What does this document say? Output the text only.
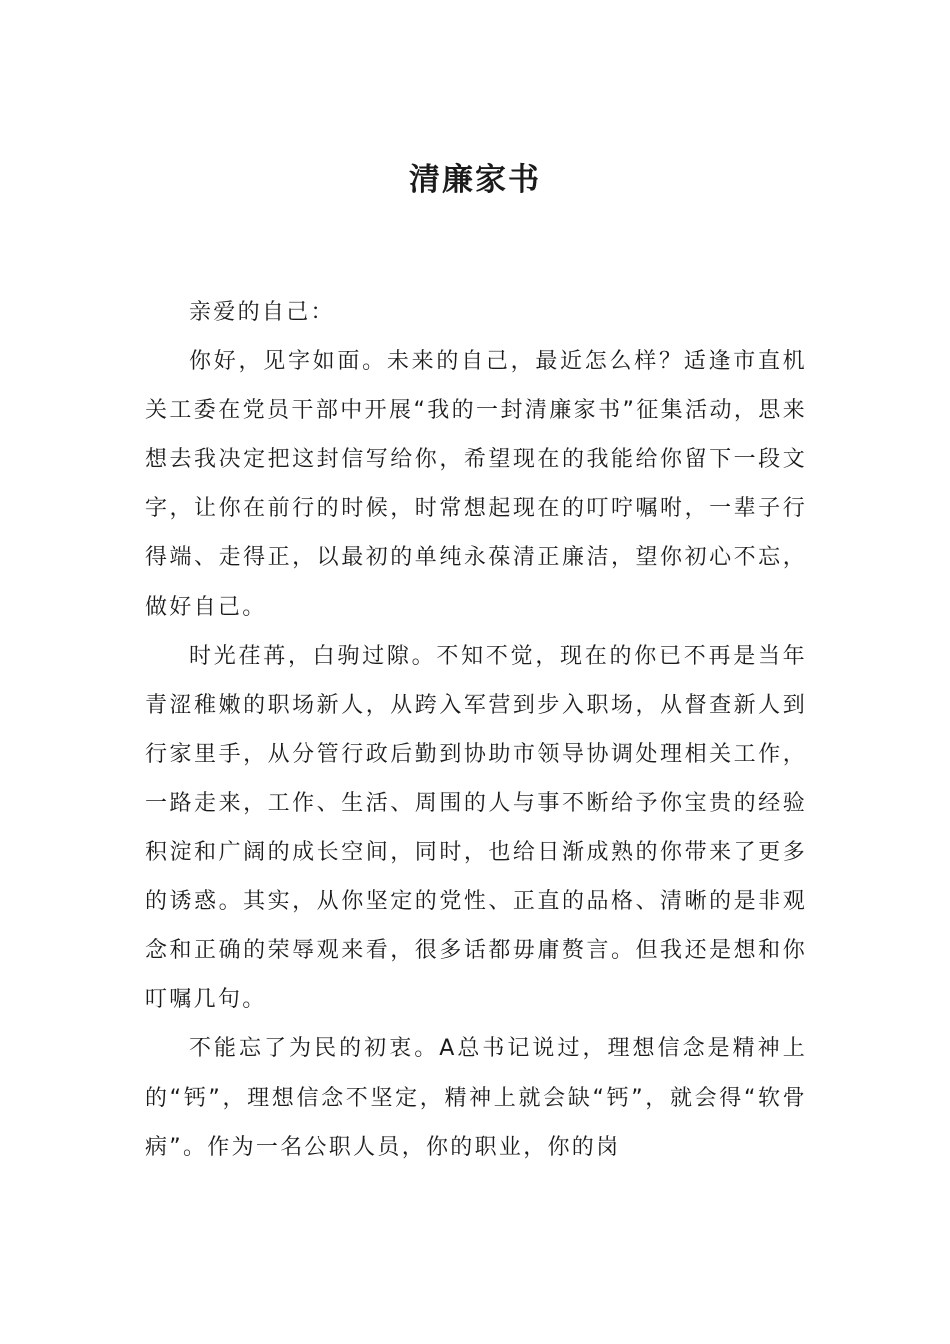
清廉家书

亲爱的自己：

你好，见字如面。未来的自己，最近怎么样？适逢市直机关工委在党员干部中开展“我的一封清廉家书”征集活动，思来想去我决定把这封信写给你，希望现在的我能给你留下一段文字，让你在前行的时候，时常想起现在的叮咛嘱咐，一辈子行得端、走得正，以最初的单纯永葆清正廉洁，望你初心不忘，做好自己。

时光荏苒，白驹过隙。不知不觉，现在的你已不再是当年青涩稚嫩的职场新人，从跨入军营到步入职场，从督查新人到行家里手，从分管行政后勤到协助市领导协调处理相关工作，一路走来，工作、生活、周围的人与事不断给予你宝贵的经验积淀和广阔的成长空间，同时，也给日渐成熟的你带来了更多的诱惑。其实，从你坚定的党性、正直的品格、清晰的是非观念和正确的荣辱观来看，很多话都毋庸赘言。但我还是想和你叮嘱几句。

不能忘了为民的初衷。A总书记说过，理想信念是精神上的“钙”，理想信念不坚定，精神上就会缺“钙”，就会得“软骨病”。作为一名公职人员，你的职业，你的岗
